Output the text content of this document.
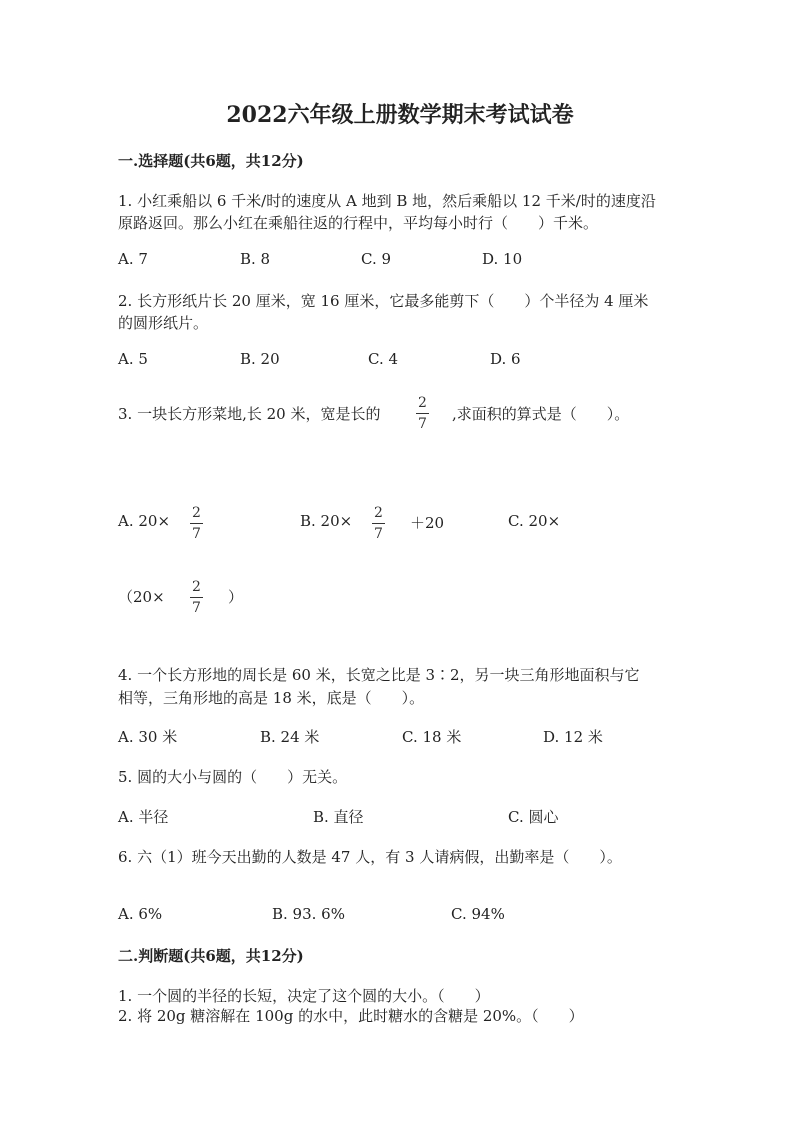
2022六年级上册数学期末考试试卷
一.选择题(共6题，共12分)
1. 小红乘船以 6 千米/时的速度从 A 地到 B 地，然后乘船以 12 千米/时的速度沿
原路返回。那么小红在乘船往返的行程中，平均每小时行（　　）千米。
A. 7	B. 8	C. 9	D. 10
2. 长方形纸片长 20 厘米，宽 16 厘米，它最多能剪下（　　）个半径为 4 厘米
的圆形纸片。
A. 5	B. 20	C. 4	D. 6
3. 一块长方形菜地,长 20 米，宽是长的
2
7
,求面积的算式是（　　）。
A. 20× 2
7
B. 20× 2
7
＋20	C. 20×
（20×
2
7
）
4. 一个长方形地的周长是 60 米，长宽之比是 3∶2，另一块三角形地面积与它
相等，三角形地的高是 18 米，底是（　　）。
A. 30 米	B. 24 米	C. 18 米	D. 12 米
5. 圆的大小与圆的（　　）无关。
A. 半径	B. 直径	C. 圆心
6. 六（1）班今天出勤的人数是 47 人，有 3 人请病假，出勤率是（　　）。
A. 6%	B. 93. 6%	C. 94%
二.判断题(共6题，共12分)
1. 一个圆的半径的长短，决定了这个圆的大小。（　　）
2. 将 20g 糖溶解在 100g 的水中，此时糖水的含糖是 20%。（　　）
